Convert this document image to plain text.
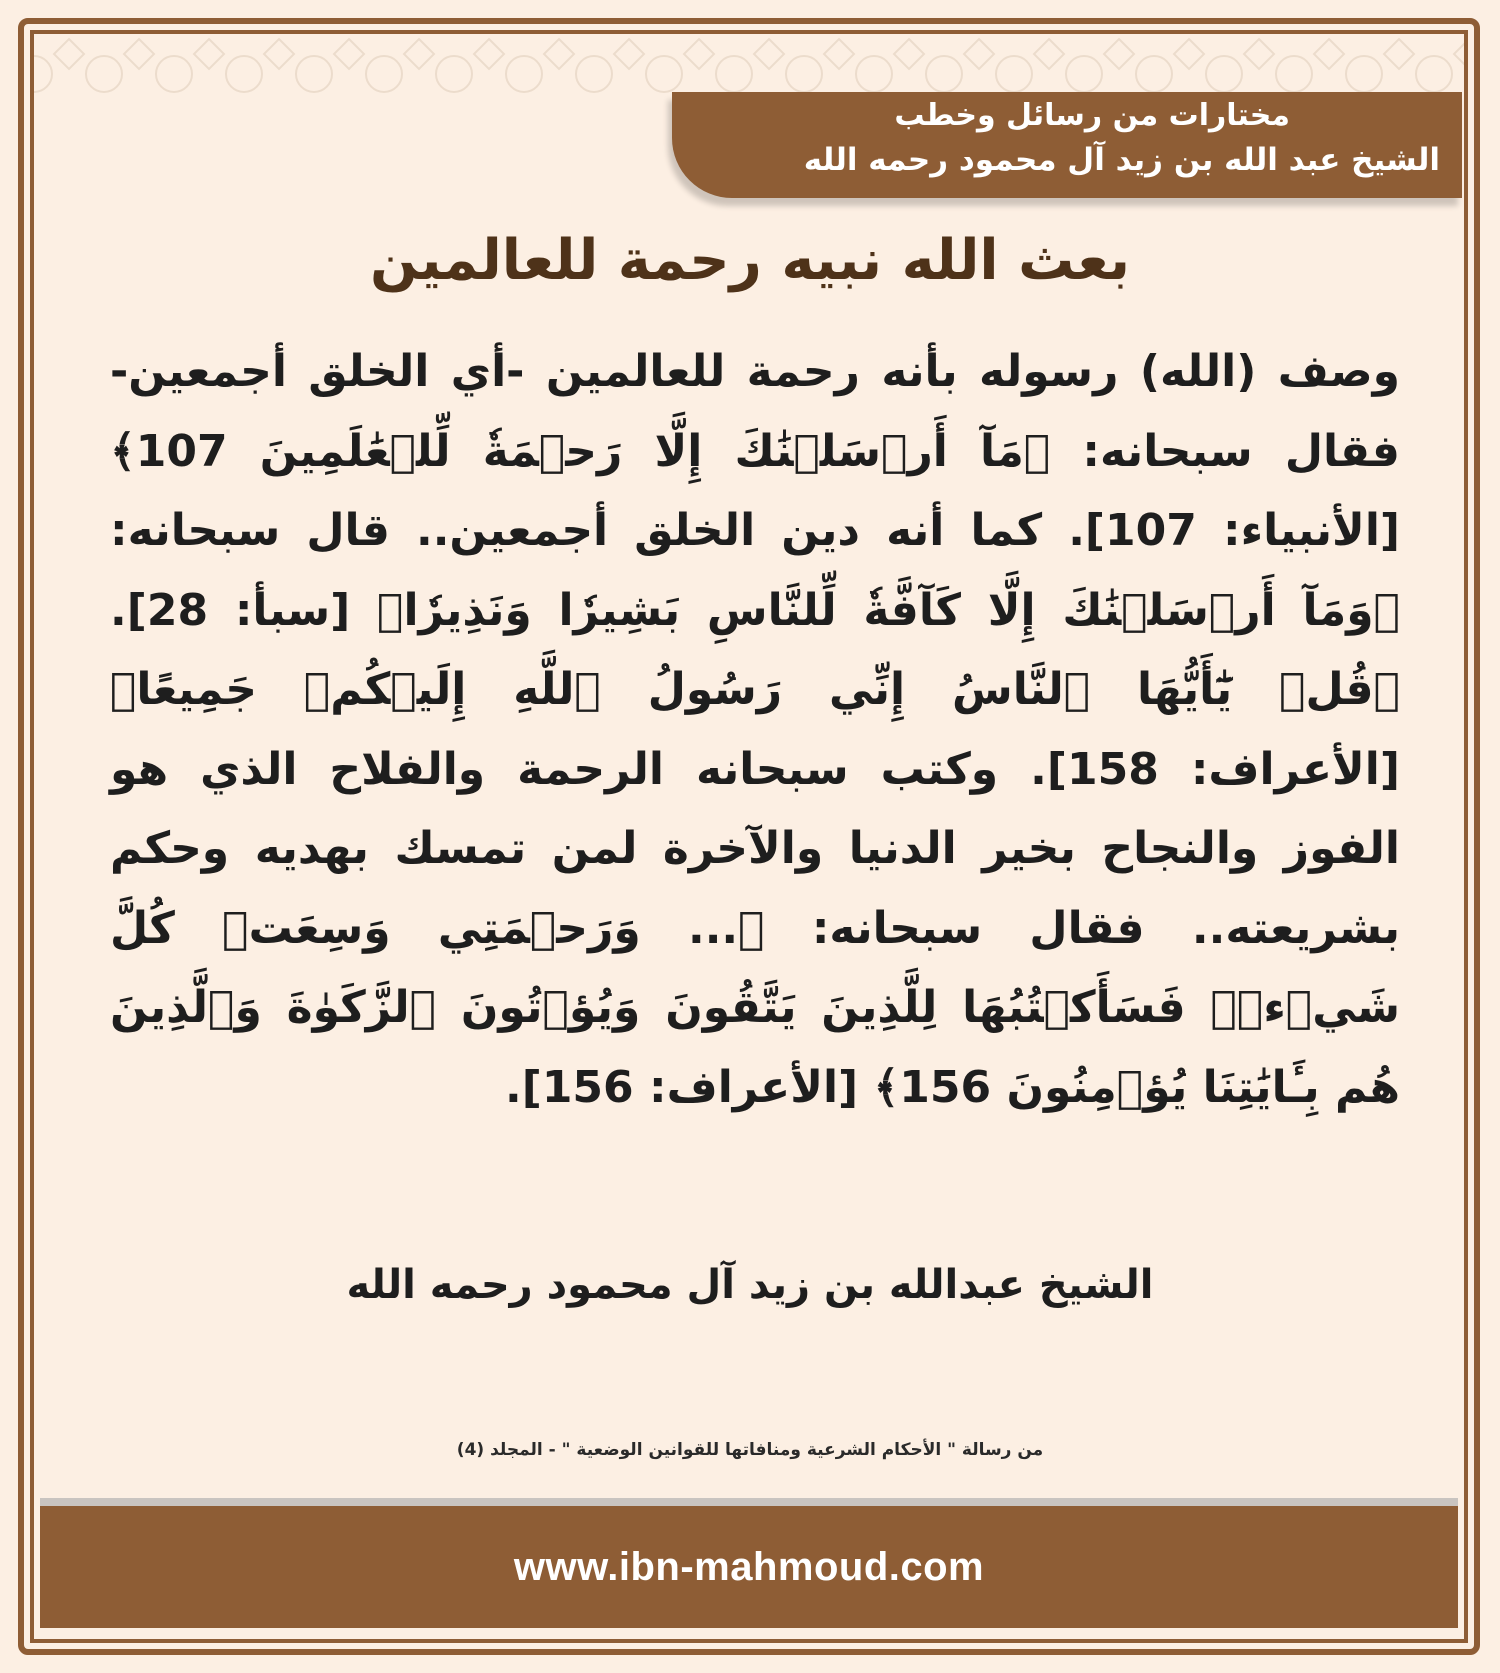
مختارات من رسائل وخطب
الشيخ عبد الله بن زيد آل محمود رحمه الله
بعث الله نبيه رحمة للعالمين
وصف (الله) رسوله بأنه رحمة للعالمين -أي الخلق أجمعين- فقال سبحانه: ﴿مَآ أَرۡسَلۡنَٰكَ إِلَّا رَحۡمَةٗ لِّلۡعَٰلَمِينَ 107﴾ [الأنبياء: 107]. كما أنه دين الخلق أجمعين.. قال سبحانه: ﴿وَمَآ أَرۡسَلۡنَٰكَ إِلَّا كَآفَّةٗ لِّلنَّاسِ بَشِيرٗا وَنَذِيرٗا﴾ [سبأ: 28]. ﴿قُلۡ يَٰٓأَيُّهَا ٱلنَّاسُ إِنِّي رَسُولُ ٱللَّهِ إِلَيۡكُمۡ جَمِيعًا﴾ [الأعراف: 158]. وكتب سبحانه الرحمة والفلاح الذي هو الفوز والنجاح بخير الدنيا والآخرة لمن تمسك بهديه وحكم بشريعته.. فقال سبحانه: ﴿... وَرَحۡمَتِي وَسِعَتۡ كُلَّ شَيۡءٖۚ فَسَأَكۡتُبُهَا لِلَّذِينَ يَتَّقُونَ وَيُؤۡتُونَ ٱلزَّكَوٰةَ وَٱلَّذِينَ هُم بِـَٔايَٰتِنَا يُؤۡمِنُونَ 156﴾ [الأعراف: 156].
الشيخ عبدالله بن زيد آل محمود رحمه الله
من رسالة " الأحكام الشرعية ومنافاتها للقوانين الوضعية " - المجلد (4)
www.ibn-mahmoud.com
